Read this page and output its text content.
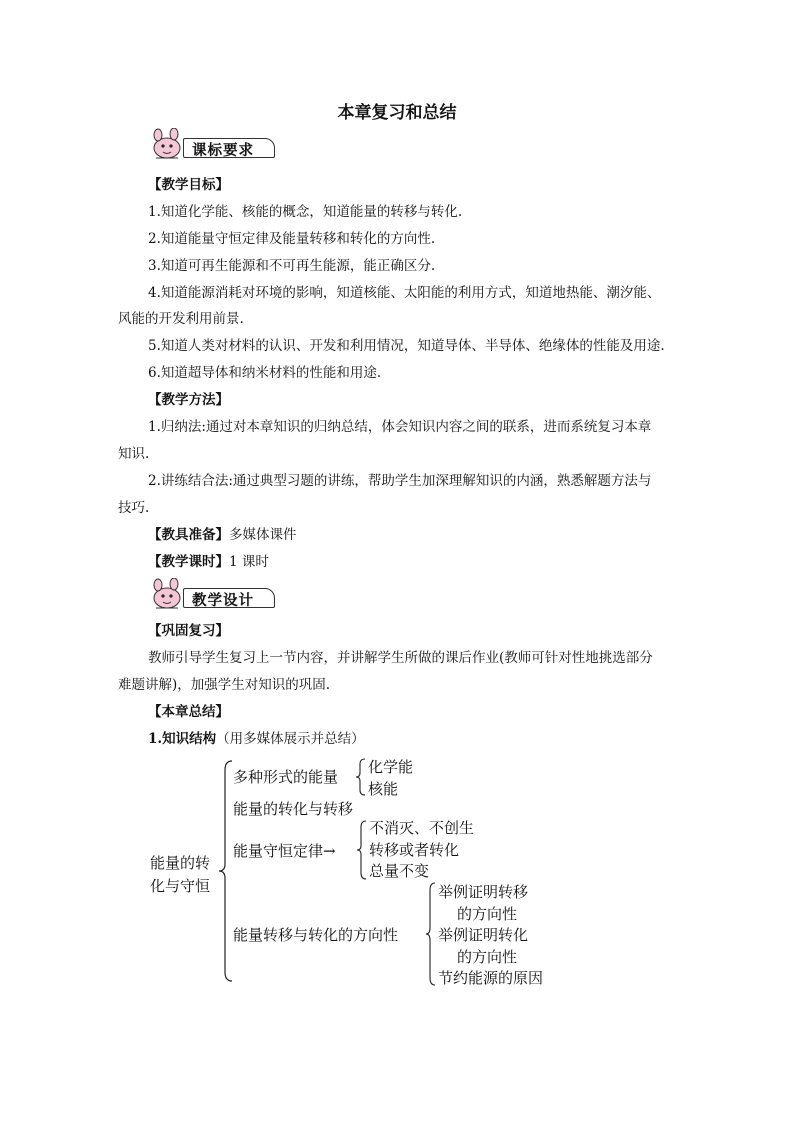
本章复习和总结
课标要求
【教学目标】
1.知道化学能、核能的概念，知道能量的转移与转化.
2.知道能量守恒定律及能量转移和转化的方向性.
3.知道可再生能源和不可再生能源，能正确区分.
4.知道能源消耗对环境的影响，知道核能、太阳能的利用方式，知道地热能、潮汐能、
风能的开发利用前景.
5.知道人类对材料的认识、开发和利用情况，知道导体、半导体、绝缘体的性能及用途.
6.知道超导体和纳米材料的性能和用途.
【教学方法】
1.归纳法:通过对本章知识的归纳总结，体会知识内容之间的联系，进而系统复习本章
知识.
2.讲练结合法:通过典型习题的讲练，帮助学生加深理解知识的内涵，熟悉解题方法与
技巧.
【教具准备】多媒体课件
【教学课时】1 课时
教学设计
【巩固复习】
教师引导学生复习上一节内容，并讲解学生所做的课后作业(教师可针对性地挑选部分
难题讲解)，加强学生对知识的巩固.
【本章总结】
1.知识结构（用多媒体展示并总结）
能量的转
化与守恒
多种形式的能量
化学能
核能
能量的转化与转移
能量守恒定律→
不消灭、不创生
转移或者转化
总量不变
能量转移与转化的方向性
举例证明转移
的方向性
举例证明转化
的方向性
节约能源的原因
